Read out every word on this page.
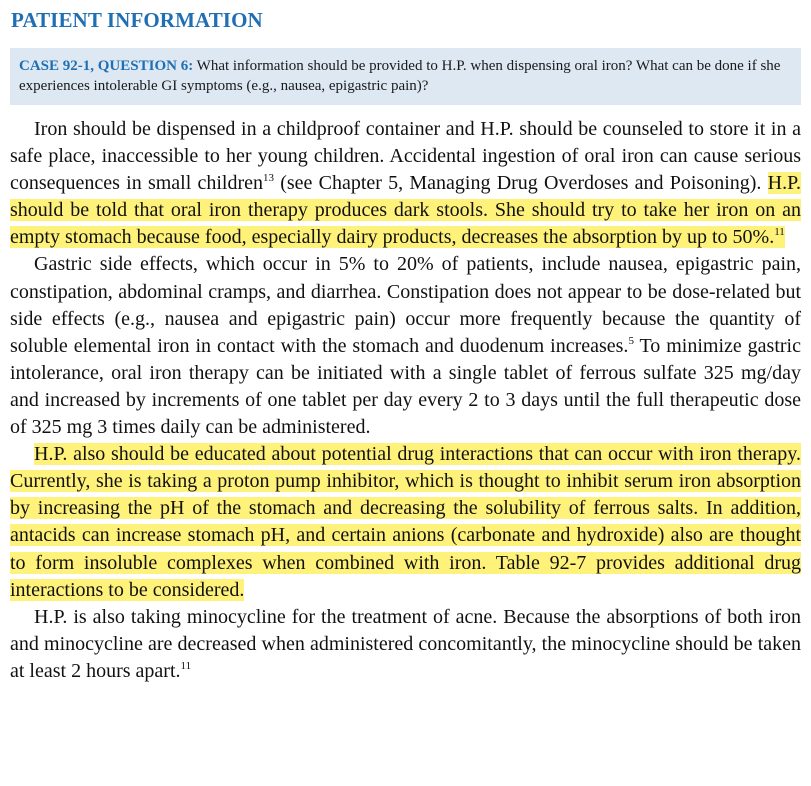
PATIENT INFORMATION
CASE 92-1, QUESTION 6: What information should be provided to H.P. when dispensing oral iron? What can be done if she experiences intolerable GI symptoms (e.g., nausea, epigastric pain)?

Iron should be dispensed in a childproof container and H.P. should be counseled to store it in a safe place, inaccessible to her young children. Accidental ingestion of oral iron can cause serious consequences in small children$^{13}$ (see Chapter 5, Managing Drug Overdoses and Poisoning). H.P. should be told that oral iron therapy produces dark stools. She should try to take her iron on an empty stomach because food, especially dairy products, decreases the absorption by up to 50%.$^{11}$

Gastric side effects, which occur in 5% to 20% of patients, include nausea, epigastric pain, constipation, abdominal cramps, and diarrhea. Constipation does not appear to be dose-related but side effects (e.g., nausea and epigastric pain) occur more frequently because the quantity of soluble elemental iron in contact with the stomach and duodenum increases.$^5$ To minimize gastric intolerance, oral iron therapy can be initiated with a single tablet of ferrous sulfate 325 mg/day and increased by increments of one tablet per day every 2 to 3 days until the full therapeutic dose of 325 mg 3 times daily can be administered.

H.P. also should be educated about potential drug interactions that can occur with iron therapy. Currently, she is taking a proton pump inhibitor, which is thought to inhibit serum iron absorption by increasing the pH of the stomach and decreasing the solubility of ferrous salts. In addition, antacids can increase stomach pH, and certain anions (carbonate and hydroxide) also are thought to form insoluble complexes when combined with iron. Table 92-7 provides additional drug interactions to be considered.

H.P. is also taking minocycline for the treatment of acne. Because the absorptions of both iron and minocycline are decreased when administered concomitantly, the minocycline should be taken at least 2 hours apart.$^{11}$
